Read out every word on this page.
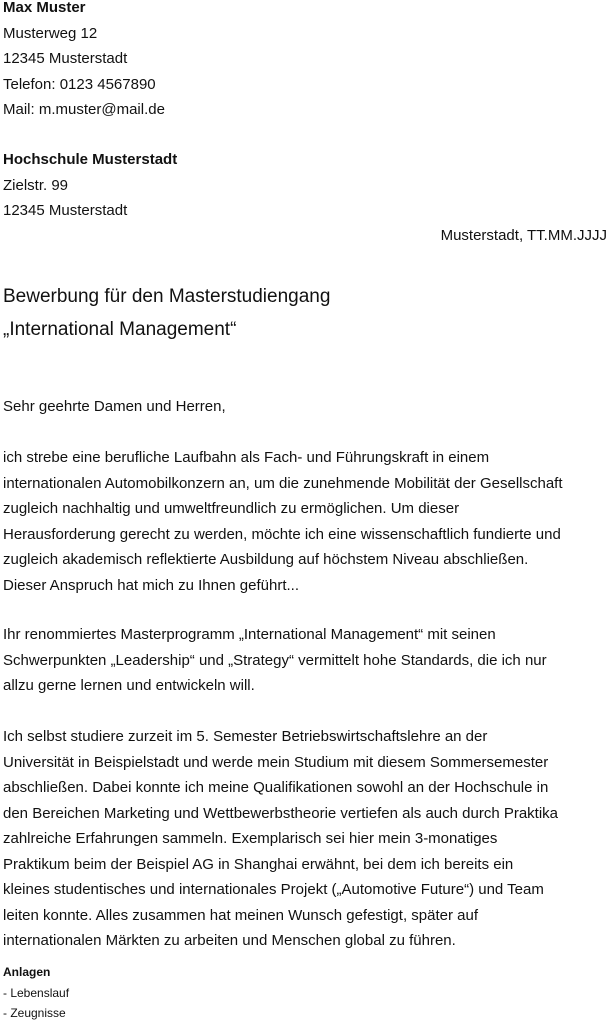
Max Muster
Musterweg 12
12345 Musterstadt
Telefon: 0123 4567890
Mail: m.muster@mail.de
Hochschule Musterstadt
Zielstr. 99
12345 Musterstadt
Musterstadt, TT.MM.JJJJ
Bewerbung für den Masterstudiengang
„International Management“
Sehr geehrte Damen und Herren,
ich strebe eine berufliche Laufbahn als Fach- und Führungskraft in einem
internationalen Automobilkonzern an, um die zunehmende Mobilität der Gesellschaft
zugleich nachhaltig und umweltfreundlich zu ermöglichen. Um dieser
Herausforderung gerecht zu werden, möchte ich eine wissenschaftlich fundierte und
zugleich akademisch reflektierte Ausbildung auf höchstem Niveau abschließen.
Dieser Anspruch hat mich zu Ihnen geführt...
Ihr renommiertes Masterprogramm „International Management“ mit seinen
Schwerpunkten „Leadership“ und „Strategy“ vermittelt hohe Standards, die ich nur
allzu gerne lernen und entwickeln will.
Ich selbst studiere zurzeit im 5. Semester Betriebswirtschaftslehre an der
Universität in Beispielstadt und werde mein Studium mit diesem Sommersemester
abschließen. Dabei konnte ich meine Qualifikationen sowohl an der Hochschule in
den Bereichen Marketing und Wettbewerbstheorie vertiefen als auch durch Praktika
zahlreiche Erfahrungen sammeln. Exemplarisch sei hier mein 3-monatiges
Praktikum beim der Beispiel AG in Shanghai erwähnt, bei dem ich bereits ein
kleines studentisches und internationales Projekt („Automotive Future“) und Team
leiten konnte. Alles zusammen hat meinen Wunsch gefestigt, später auf
internationalen Märkten zu arbeiten und Menschen global zu führen.
Anlagen
- Lebenslauf
- Zeugnisse
